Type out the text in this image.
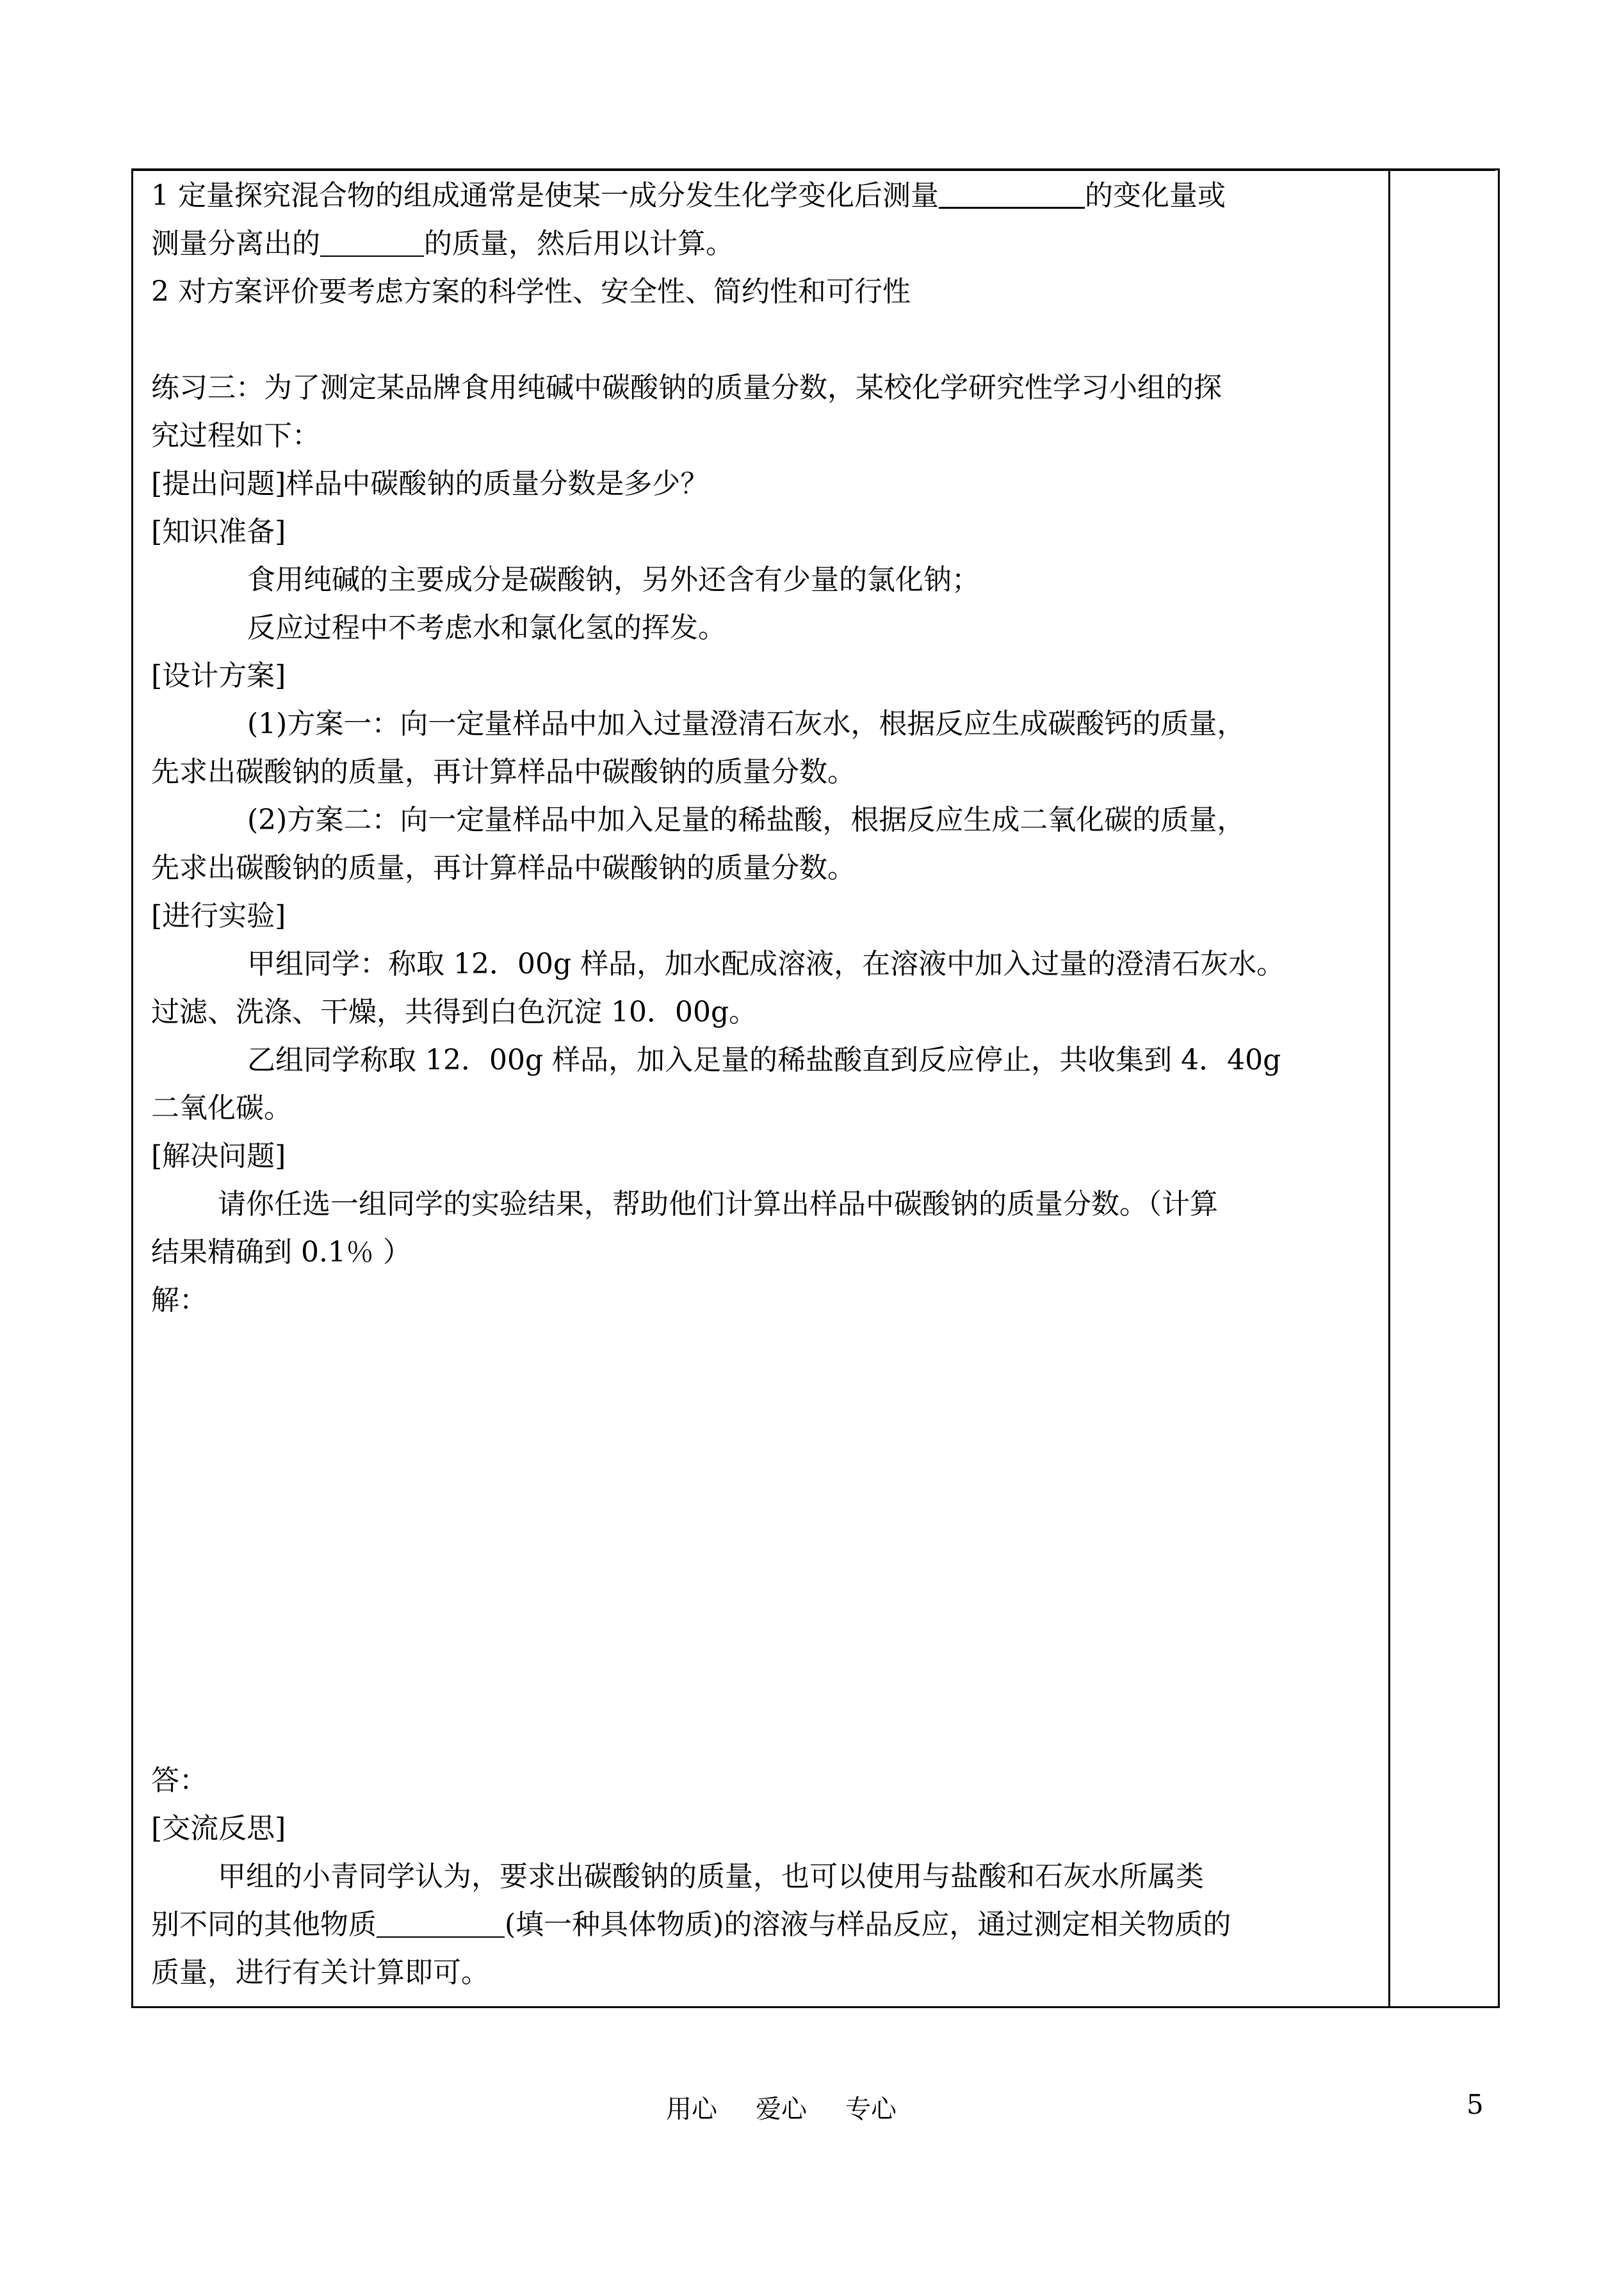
1 定量探究混合物的组成通常是使某一成分发生化学变化后测量	的变化量或
测量分离出的	的质量，然后用以计算。
2 对方案评价要考虑方案的科学性、安全性、简约性和可行性
练习三：为了测定某品牌食用纯碱中碳酸钠的质量分数，某校化学研究性学习小组的探
究过程如下：
[提出问题]样品中碳酸钠的质量分数是多少？
[知识准备]
食用纯碱的主要成分是碳酸钠，另外还含有少量的氯化钠；
反应过程中不考虑水和氯化氢的挥发。
[设计方案]
(1)方案一：向一定量样品中加入过量澄清石灰水，根据反应生成碳酸钙的质量，
先求出碳酸钠的质量，再计算样品中碳酸钠的质量分数。
(2)方案二：向一定量样品中加入足量的稀盐酸，根据反应生成二氧化碳的质量，
先求出碳酸钠的质量，再计算样品中碳酸钠的质量分数。
[进行实验]
甲组同学：称取 12．00g 样品，加水配成溶液，在溶液中加入过量的澄清石灰水。
过滤、洗涤、干燥，共得到白色沉淀 10．00g。
乙组同学称取 12．00g 样品，加入足量的稀盐酸直到反应停止，共收集到 4．40g
二氧化碳。
[解决问题]
请你任选一组同学的实验结果，帮助他们计算出样品中碳酸钠的质量分数。（计算
结果精确到 0.1％ ）
解：
答：
[交流反思]
甲组的小青同学认为，要求出碳酸钠的质量，也可以使用与盐酸和石灰水所属类
别不同的其他物质	(填一种具体物质)的溶液与样品反应，通过测定相关物质的
质量，进行有关计算即可。
用心 爱心 专心	5
